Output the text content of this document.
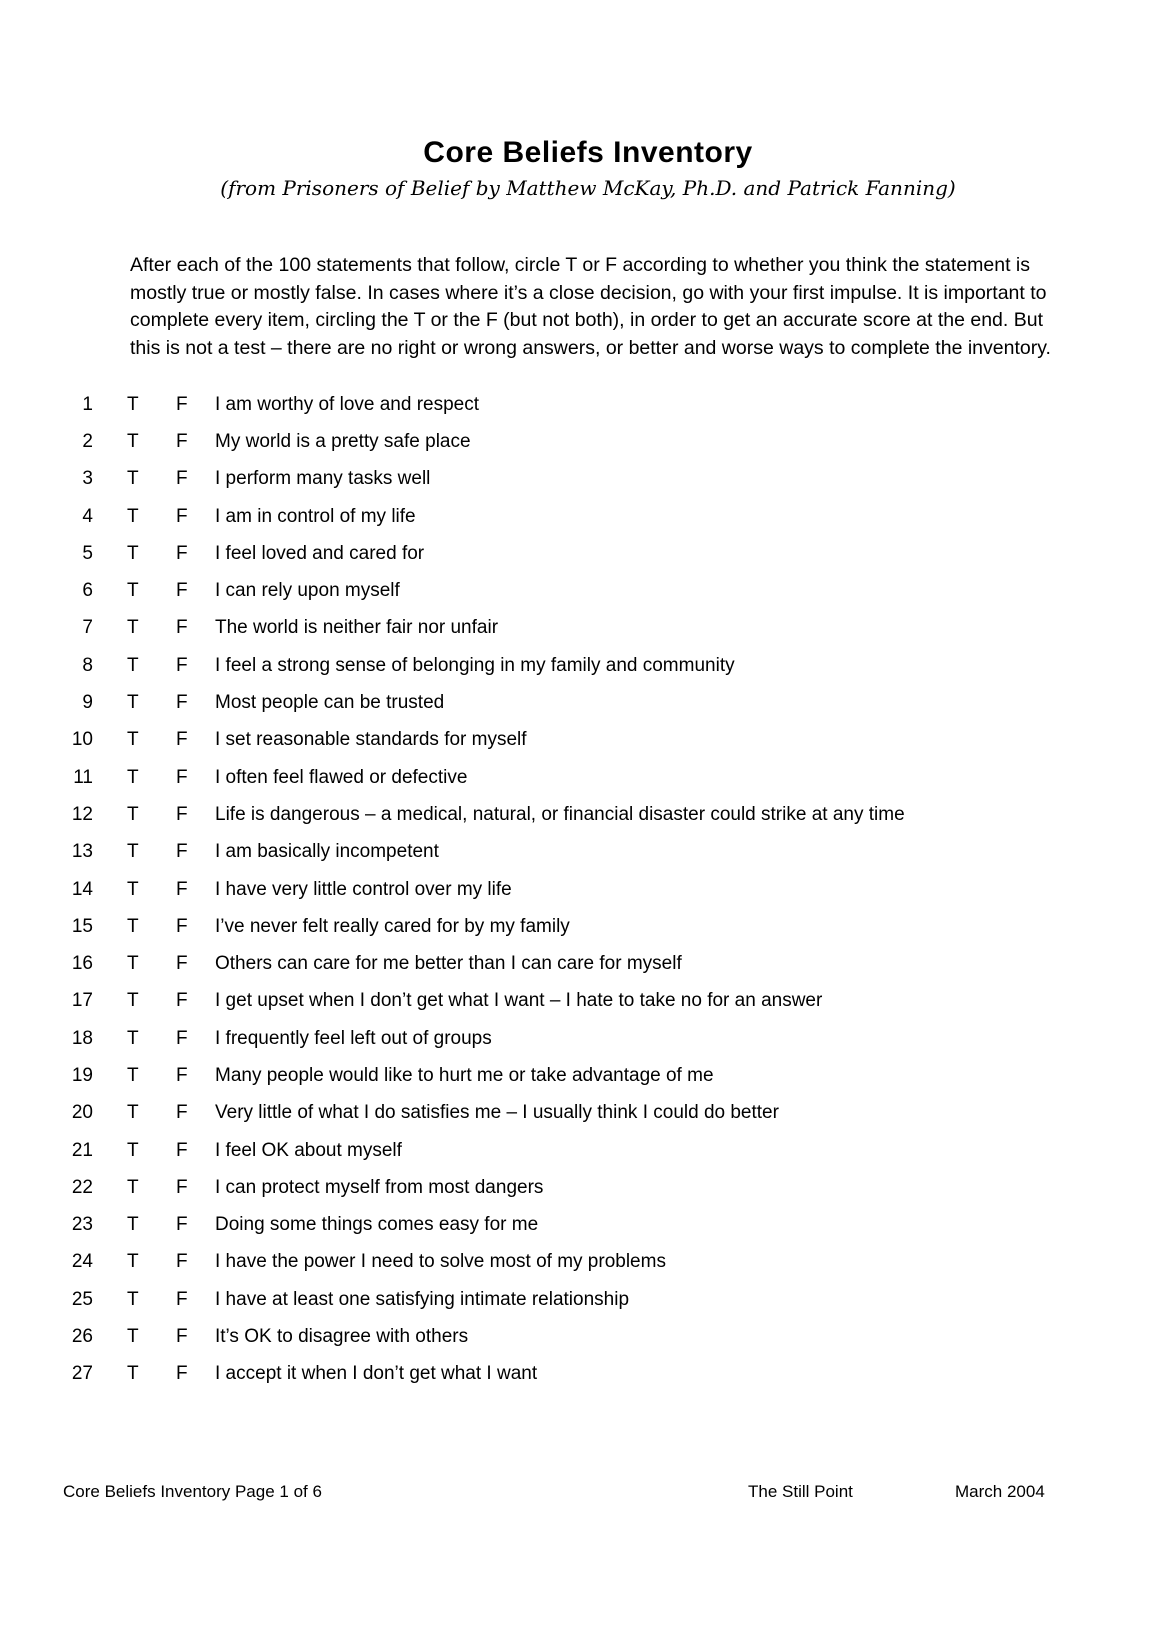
Core Beliefs Inventory
(from Prisoners of Belief by Matthew McKay, Ph.D. and Patrick Fanning)
After each of the 100 statements that follow, circle T or F according to whether you think the statement is mostly true or mostly false. In cases where it’s a close decision, go with your first impulse. It is important to complete every item, circling the T or the F (but not both), in order to get an accurate score at the end. But this is not a test – there are no right or wrong answers, or better and worse ways to complete the inventory.
1 T F I am worthy of love and respect
2 T F My world is a pretty safe place
3 T F I perform many tasks well
4 T F I am in control of my life
5 T F I feel loved and cared for
6 T F I can rely upon myself
7 T F The world is neither fair nor unfair
8 T F I feel a strong sense of belonging in my family and community
9 T F Most people can be trusted
10 T F I set reasonable standards for myself
11 T F I often feel flawed or defective
12 T F Life is dangerous – a medical, natural, or financial disaster could strike at any time
13 T F I am basically incompetent
14 T F I have very little control over my life
15 T F I’ve never felt really cared for by my family
16 T F Others can care for me better than I can care for myself
17 T F I get upset when I don’t get what I want – I hate to take no for an answer
18 T F I frequently feel left out of groups
19 T F Many people would like to hurt me or take advantage of me
20 T F Very little of what I do satisfies me – I usually think I could do better
21 T F I feel OK about myself
22 T F I can protect myself from most dangers
23 T F Doing some things comes easy for me
24 T F I have the power I need to solve most of my problems
25 T F I have at least one satisfying intimate relationship
26 T F It’s OK to disagree with others
27 T F I accept it when I don’t get what I want
Core Beliefs Inventory Page 1 of 6	The Still Point	March 2004
